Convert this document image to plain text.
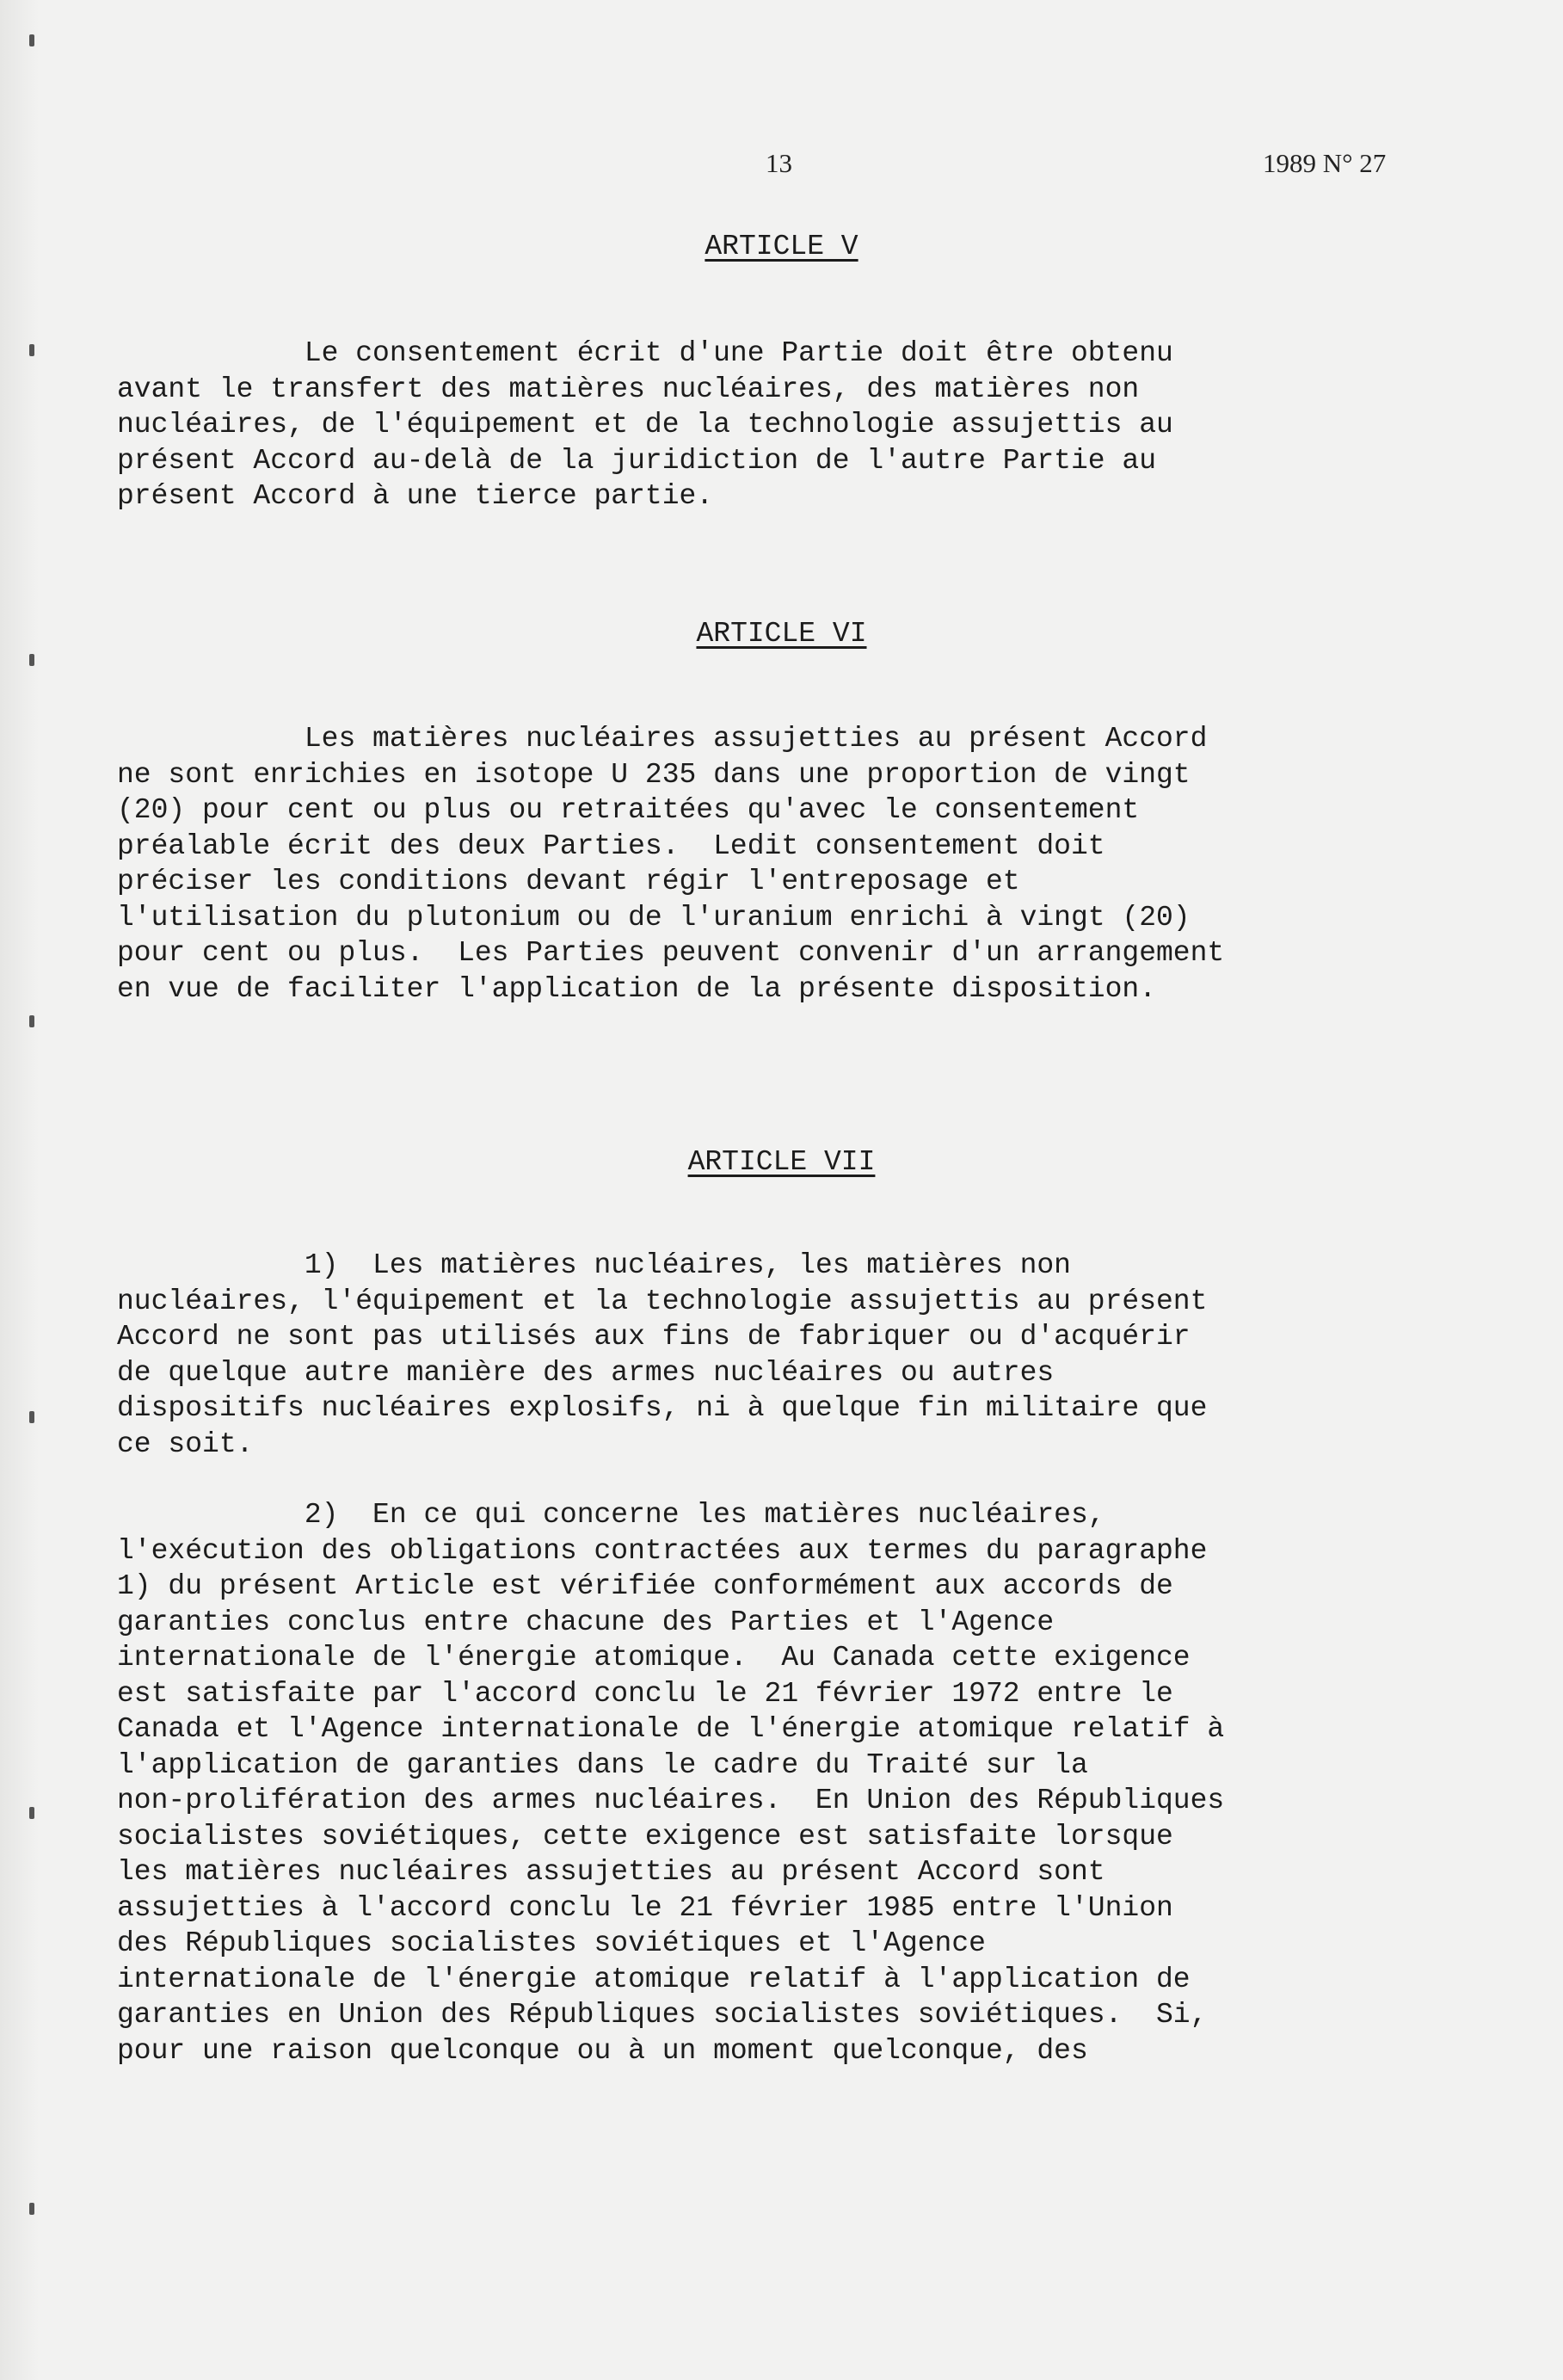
13	1989 N° 27
ARTICLE V

Le consentement écrit d'une Partie doit être obtenu
avant le transfert des matières nucléaires, des matières non
nucléaires, de l'équipement et de la technologie assujettis au
présent Accord au-delà de la juridiction de l'autre Partie au
présent Accord à une tierce partie.

ARTICLE VI

Les matières nucléaires assujetties au présent Accord
ne sont enrichies en isotope U 235 dans une proportion de vingt
(20) pour cent ou plus ou retraitées qu'avec le consentement
préalable écrit des deux Parties.  Ledit consentement doit
préciser les conditions devant régir l'entreposage et
l'utilisation du plutonium ou de l'uranium enrichi à vingt (20)
pour cent ou plus.  Les Parties peuvent convenir d'un arrangement
en vue de faciliter l'application de la présente disposition.

ARTICLE VII

1)  Les matières nucléaires, les matières non
nucléaires, l'équipement et la technologie assujettis au présent
Accord ne sont pas utilisés aux fins de fabriquer ou d'acquérir
de quelque autre manière des armes nucléaires ou autres
dispositifs nucléaires explosifs, ni à quelque fin militaire que
ce soit.

2)  En ce qui concerne les matières nucléaires,
l'exécution des obligations contractées aux termes du paragraphe
1) du présent Article est vérifiée conformément aux accords de
garanties conclus entre chacune des Parties et l'Agence
internationale de l'énergie atomique.  Au Canada cette exigence
est satisfaite par l'accord conclu le 21 février 1972 entre le
Canada et l'Agence internationale de l'énergie atomique relatif à
l'application de garanties dans le cadre du Traité sur la
non-prolifération des armes nucléaires.  En Union des Républiques
socialistes soviétiques, cette exigence est satisfaite lorsque
les matières nucléaires assujetties au présent Accord sont
assujetties à l'accord conclu le 21 février 1985 entre l'Union
des Républiques socialistes soviétiques et l'Agence
internationale de l'énergie atomique relatif à l'application de
garanties en Union des Républiques socialistes soviétiques.  Si,
pour une raison quelconque ou à un moment quelconque, des
